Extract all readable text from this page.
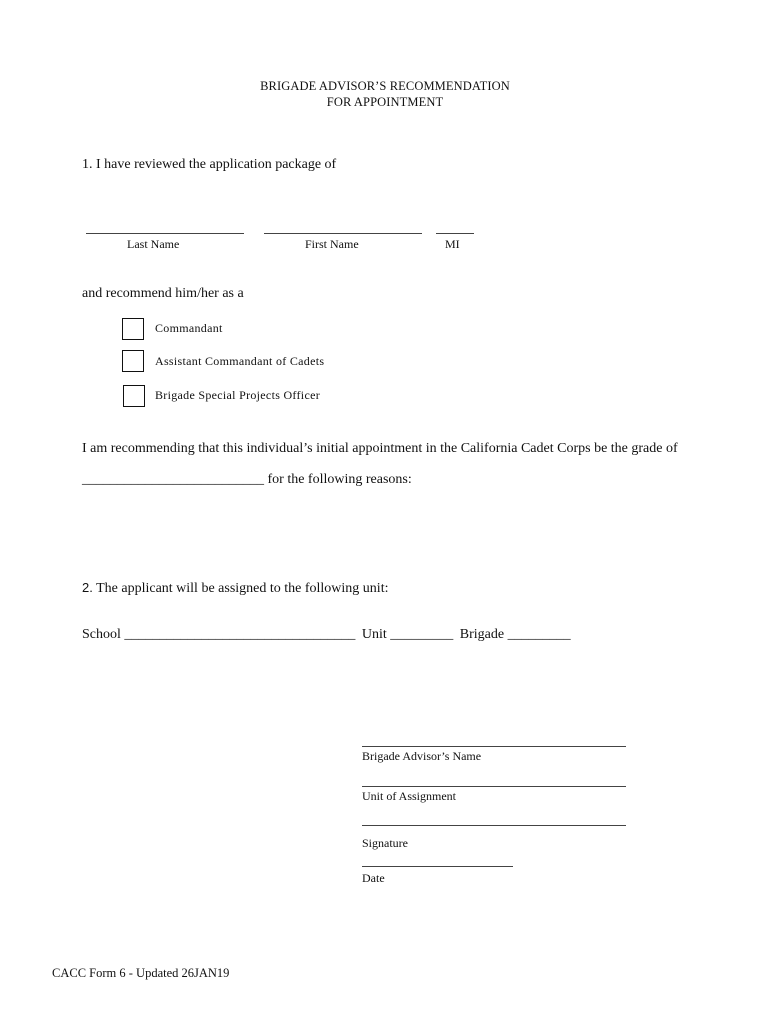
BRIGADE ADVISOR’S RECOMMENDATION
FOR APPOINTMENT
1. I have reviewed the application package of
Last Name	First Name	MI
and recommend him/her as a
Commandant
Assistant Commandant of Cadets
Brigade Special Projects Officer
I am recommending that this individual’s initial appointment in the California Cadet Corps be the grade of
__________________________ for the following reasons:
2. The applicant will be assigned to the following unit:
School _________________________________ Unit _________ Brigade _________
Brigade Advisor’s Name
Unit of Assignment
Signature
Date
CACC Form 6 - Updated 26JAN19
